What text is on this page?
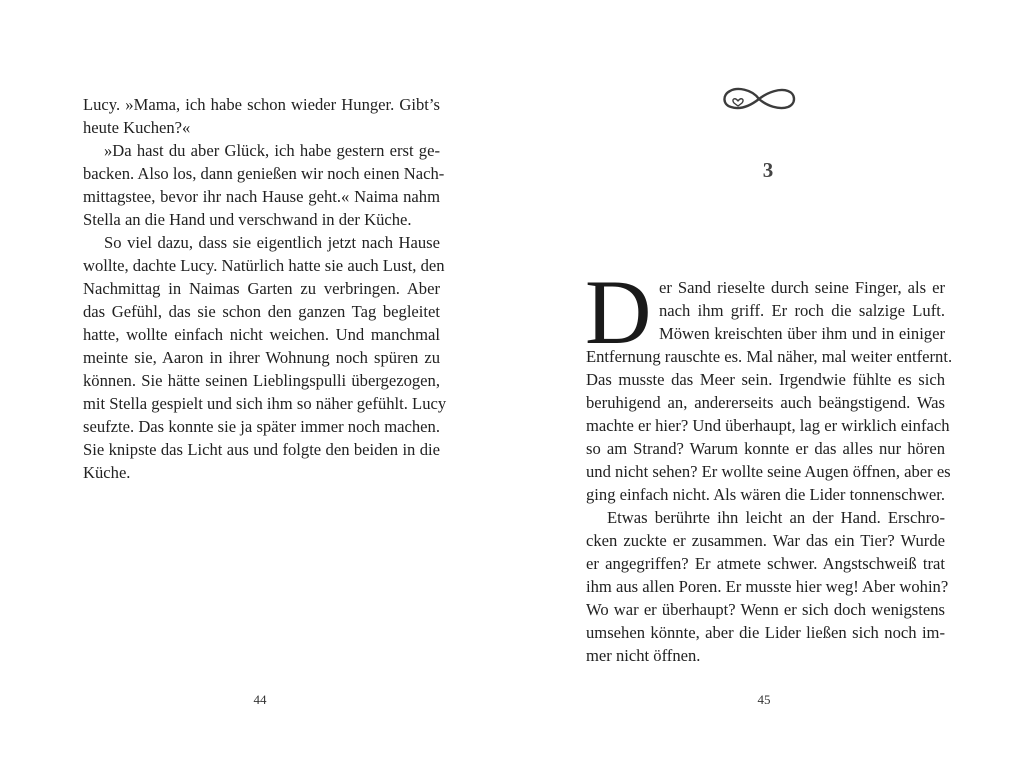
Lucy. »Mama, ich habe schon wieder Hunger. Gibt’s
heute Kuchen?«
»Da hast du aber Glück, ich habe gestern erst ge-
backen. Also los, dann genießen wir noch einen Nach-
mittagstee, bevor ihr nach Hause geht.« Naima nahm
Stella an die Hand und verschwand in der Küche.
So viel dazu, dass sie eigentlich jetzt nach Hause
wollte, dachte Lucy. Natürlich hatte sie auch Lust, den
Nachmittag in Naimas Garten zu verbringen. Aber
das Gefühl, das sie schon den ganzen Tag begleitet
hatte, wollte einfach nicht weichen. Und manchmal
meinte sie, Aaron in ihrer Wohnung noch spüren zu
können. Sie hätte seinen Lieblingspulli übergezogen,
mit Stella gespielt und sich ihm so näher gefühlt. Lucy
seufzte. Das konnte sie ja später immer noch machen.
Sie knipste das Licht aus und folgte den beiden in die
Küche.
44
3
D er Sand rieselte durch seine Finger, als er
nach ihm griff. Er roch die salzige Luft.
Möwen kreischten über ihm und in einiger
Entfernung rauschte es. Mal näher, mal weiter entfernt.
Das musste das Meer sein. Irgendwie fühlte es sich
beruhigend an, andererseits auch beängstigend. Was
machte er hier? Und überhaupt, lag er wirklich einfach
so am Strand? Warum konnte er das alles nur hören
und nicht sehen? Er wollte seine Augen öffnen, aber es
ging einfach nicht. Als wären die Lider tonnenschwer.
Etwas berührte ihn leicht an der Hand. Erschro-
cken zuckte er zusammen. War das ein Tier? Wurde
er angegriffen? Er atmete schwer. Angstschweiß trat
ihm aus allen Poren. Er musste hier weg! Aber wohin?
Wo war er überhaupt? Wenn er sich doch wenigstens
umsehen könnte, aber die Lider ließen sich noch im-
mer nicht öffnen.
45
